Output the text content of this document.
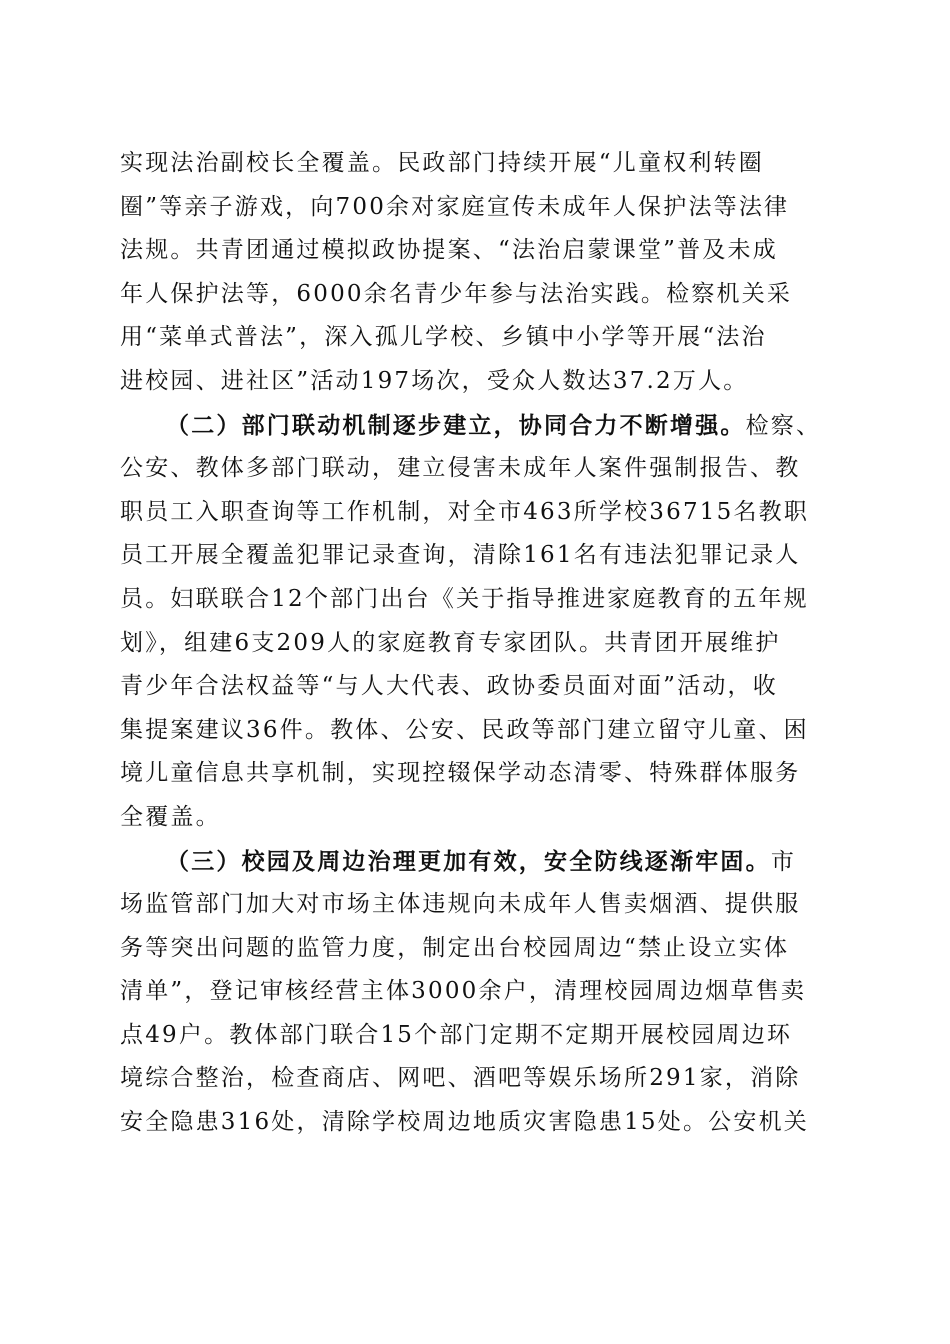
实现法治副校长全覆盖。民政部门持续开展“儿童权利转圈
圈”等亲子游戏，向700余对家庭宣传未成年人保护法等法律
法规。共青团通过模拟政协提案、“法治启蒙课堂”普及未成
年人保护法等，6000余名青少年参与法治实践。检察机关采
用“菜单式普法”，深入孤儿学校、乡镇中小学等开展“法治
进校园、进社区”活动197场次，受众人数达37.2万人。
（二）部门联动机制逐步建立，协同合力不断增强。检察、
公安、教体多部门联动，建立侵害未成年人案件强制报告、教
职员工入职查询等工作机制，对全市463所学校36715名教职
员工开展全覆盖犯罪记录查询，清除161名有违法犯罪记录人
员。妇联联合12个部门出台《关于指导推进家庭教育的五年规
划》，组建6支209人的家庭教育专家团队。共青团开展维护
青少年合法权益等“与人大代表、政协委员面对面”活动，收
集提案建议36件。教体、公安、民政等部门建立留守儿童、困
境儿童信息共享机制，实现控辍保学动态清零、特殊群体服务
全覆盖。
（三）校园及周边治理更加有效，安全防线逐渐牢固。市
场监管部门加大对市场主体违规向未成年人售卖烟酒、提供服
务等突出问题的监管力度，制定出台校园周边“禁止设立实体
清单”，登记审核经营主体3000余户，清理校园周边烟草售卖
点49户。教体部门联合15个部门定期不定期开展校园周边环
境综合整治，检查商店、网吧、酒吧等娱乐场所291家，消除
安全隐患316处，清除学校周边地质灾害隐患15处。公安机关
